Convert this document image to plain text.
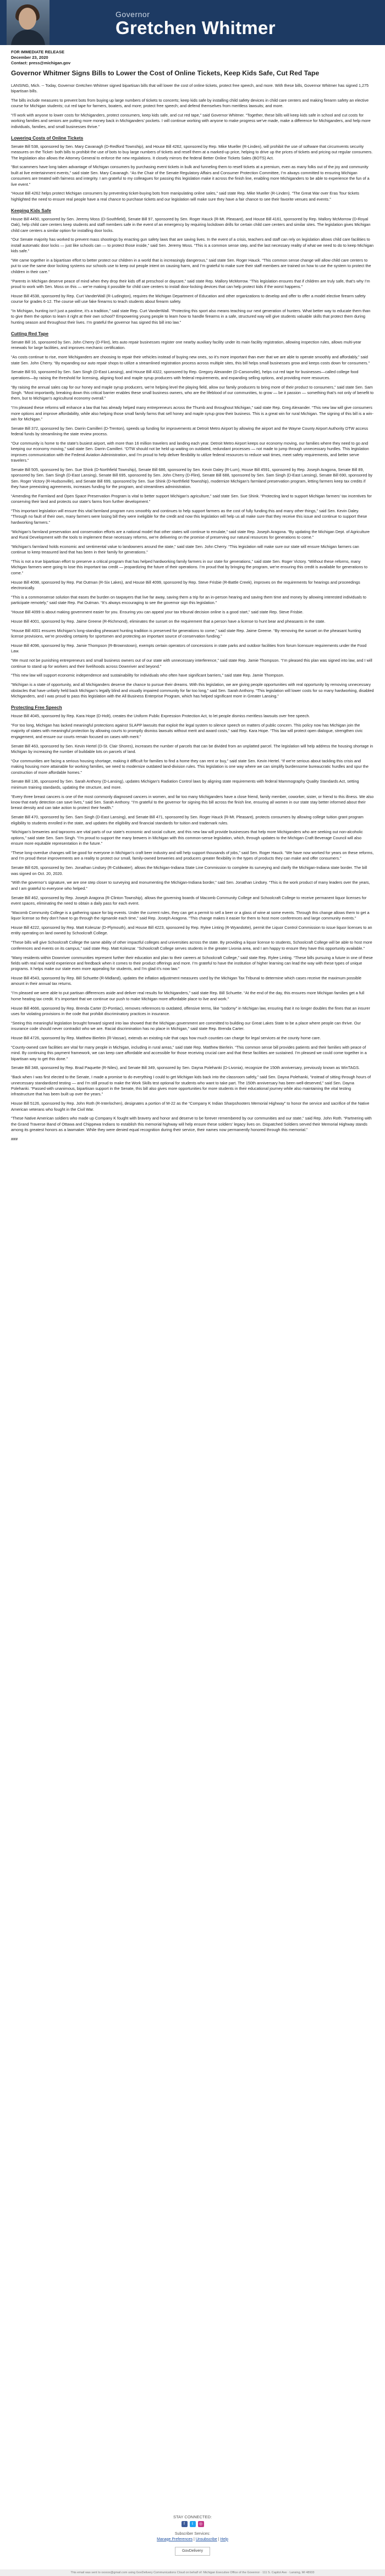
Governor
Gretchen Whitmer
FOR IMMEDIATE RELEASE
December 23, 2020
Contact: press@michigan.gov
Governor Whitmer Signs Bills to Lower the Cost of Online Tickets, Keep Kids Safe, Cut Red Tape

LANSING, Mich. -- Today, Governor Gretchen Whitmer signed bipartisan bills that will lower the cost of online tickets, protect free speech, and more. With these bills, Governor Whitmer has signed 1,275 bipartisan bills.

The bills include measures to prevent bots from buying up large numbers of tickets to concerts; keep kids safe by installing child safety devices in child care centers and making firearm safety an elective course for Michigan students; cut red tape for farmers, boaters, and more; protect free speech; and defend themselves from meritless lawsuits; and more.

“I'll work with anyone to lower costs for Michiganders, protect consumers, keep kids safe, and cut red tape,” said Governor Whitmer. “Together, these bills will keep kids safe in school and cut costs for working families and seniors are putting more money back in Michiganders’ pockets. I will continue working with anyone to make progress we’ve made, make a difference for Michiganders, and help more individuals, families, and small businesses thrive.”

Lowering Costs of Online Tickets

Senate Bill 538, sponsored by Sen. Mary Cavanagh (D-Redford Township), and House Bill 4262, sponsored by Rep. Mike Mueller (R-Linden), will prohibit the use of software that circumvents security measures on the Ticket- both bills to prohibit the use of bots to buy large numbers of tickets and resell them at a marked-up price, helping to drive up the prices of tickets and pricing out regular consumers. The legislation also allows the Attorney General to enforce the new regulations. It closely mirrors the federal Better Online Tickets Sales (BOTS) Act.

“Bot scammers have long taken advantage of Michigan consumers by purchasing event tickets in bulk and funneling them to resell tickets at a premium, even as many folks out of the joy and community built at live entertainment events,” said state Sen. Mary Cavanagh. “As the Chair of the Senate Regulatory Affairs and Consumer Protection Committee, I’m always committed to ensuring Michigan consumers are treated with fairness and integrity. I am grateful to my colleagues for passing this legislation make it across the finish line, enabling more Michiganders to be able to experience the fun of a live event.”

“House Bill 4262 helps protect Michigan consumers by preventing ticket-buying bots from manipulating online sales,” said state Rep. Mike Mueller (R-Linden). “The Great War over Eras Tour tickets highlighted the need to ensure real people have a real chance to purchase tickets and our legislation will make sure they have a fair chance to see their favorite venues and events.”

Keeping Kids Safe

House Bill 4450, sponsored by Sen. Jeremy Moss (D-Southfield), Senate Bill 97, sponsored by Sen. Roger Hauck (R-Mt. Pleasant), and House Bill 4161, sponsored by Rep. Mallory McMorrow (D-Royal Oak), help child care centers keep students and staff members safe in the event of an emergency by requiring lockdown drills for certain child care centers and similar sites. The legislation gives Michigan child care centers a similar option for installing door locks.

“Our Senate majority has worked to prevent mass shootings by enacting gun safety laws that are saving lives. In the event of a crisis, teachers and staff can rely on legislation allows child care facilities to install automatic door locks — just like schools can — to protect those inside,” said Sen. Jeremy Moss. “This is a common sense step, and the last necessary reality of what we need to do to keep Michigan kids safe.”

“We came together in a bipartisan effort to better protect our children in a world that is increasingly dangerous,” said state Sen. Roger Hauck. “This common sense change will allow child care centers to put to use the same door locking systems our schools use to keep out people intent on causing harm, and I’m grateful to make sure their staff members are trained on how to use the system to protect the children in their care.”

“Parents in Michigan deserve peace of mind when they drop their kids off at preschool or daycare,” said state Rep. Mallory McMorrow. “This legislation ensures that if children are truly safe, that’s why I’m proud to work with Sen. Moss on this — we’re making it possible for child care centers to install door-locking devices that can help protect kids if the worst happens.”

House Bill 4538, sponsored by Rep. Curt VanderWall (R-Ludington), requires the Michigan Department of Education and other organizations to develop and offer to offer a model elective firearm safety course for grades 6-12. The course will use fake firearms to teach students about firearm safety.

“In Michigan, hunting isn’t just a pastime, it’s a tradition,” said state Rep. Curt VanderWall. “Protecting this sport also means teaching our next generation of hunters. What better way to educate them than to give them the option to learn it right at their own school? Empowering young people to learn how to handle firearms in a safe, structured way will give students valuable skills that protect them during hunting season and throughout their lives. I’m grateful the governor has signed this bill into law.”

Cutting Red Tape

Senate Bill 16, sponsored by Sen. John Cherry (D-Flint), lets auto repair businesses register one nearby auxiliary facility under its main facility registration, allowing inspection rules, allows multi-year renewals for large facilities, and improves mechanic certification.

“As costs continue to rise, more Michiganders are choosing to repair their vehicles instead of buying new ones, so it’s more important than ever that we are able to operate smoothly and affordably,” said state Sen. John Cherry. “By expanding our auto repair shops to utilize a streamlined registration process across multiple sites, this bill helps small businesses grow and keeps costs down for consumers.”

Senate Bill 93, sponsored by Sen. Sam Singh (D-East Lansing), and House Bill 4322, sponsored by Rep. Gregory Alexander (D-Carsonville), helps cut red tape for businesses—called college food operations—by raising the threshold for licensing, aligning food and maple syrup producers with federal requirements, and expanding selling options, and providing more resources.

“By raising the annual sales cap for our honey and maple syrup producers, we’re helping level the playing field, allow our family producers to bring more of their product to consumers,” said state Sen. Sam Singh. “Most importantly, breaking down this critical barrier enables these small business owners, who are the lifeblood of our communities, to grow — be it passion — something that’s not only of benefit to them, but to Michigan’s agricultural economy overall.”

“I’m pleased these reforms will enhance a law that has already helped many entrepreneurs across the Thumb and throughout Michigan,” said state Rep. Greg Alexander. “This new law will give consumers more options and improve affordability, while also helping those small family farms that sell honey and maple syrup grow their business. This is a great win for rural Michigan. The signing of this bill is a win-win for Michigan.”

Senate Bill 372, sponsored by Sen. Darrin Camilleri (D-Trenton), speeds up funding for improvements at Detroit Metro Airport by allowing the airport and the Wayne County Airport Authority DTW access federal funds by streamlining the state review process.

“Our community is home to the state’s busiest airport, with more than 16 million travelers and landing each year. Detroit Metro Airport keeps our economy moving, our families where they need to go and keeping our economy moving,” said state Sen. Darrin Camilleri. “DTW should not be held up waiting on outdated, redundant processes — not made to jump through unnecessary hurdles. This legislation improves communication with the Federal Aviation Administration, and I’m proud to help deliver flexibility to utilize federal resources to reduce wait times, meet safety requirements, and better serve travelers.”

Senate Bill 505, sponsored by Sen. Sue Shink (D-Northfield Township), Senate Bill 686, sponsored by Sen. Kevin Daley (R-Lum), House Bill 4591, sponsored by Rep. Joseph Aragona, Senate Bill 89, sponsored by Sen. Sam Singh (D-East Lansing), Senate Bill 695, sponsored by Sen. John Cherry (D-Flint), Senate Bill 688, sponsored by Sen. Sam Singh (D-East Lansing), Senate Bill 690, sponsored by Sen. Roger Victory (R-Hudsonville), and Senate Bill 699, sponsored by Sen. Sue Shink (D-Northfield Township), modernize Michigan’s farmland preservation program, letting farmers keep tax credits if they have preexisting agreements, increases funding for the program, and streamlines administration.

“Amending the Farmland and Open Space Preservation Program is vital to better support Michigan’s agriculture,” said state Sen. Sue Shink. “Protecting land to support Michigan farmers’ tax incentives for conserving their land and protects our state’s farms from further development.”

“This important legislation will ensure this vital farmland program runs smoothly and continues to help support farmers as the cost of fully funding this and many other things,” said Sen. Kevin Daley. “Through no fault of their own, many farmers were losing bill they were ineligible for the credit and now this legislation will help us all make sure that they receive this issue and continue to support these hardworking farmers.”

“Michigan’s farmland preservation and conservation efforts are a national model that other states will continue to emulate,” said state Rep. Joseph Aragona. “By updating the Michigan Dept. of Agriculture and Rural Development with the tools to implement these necessary reforms, we’re delivering on the promise of preserving our natural resources for generations to come.”

“Michigan’s farmland holds economic and sentimental value to landowners around the state,” said state Sen. John Cherry. “This legislation will make sure our state will ensure Michigan farmers can continue to keep treasured land that has been in their family for generations.”

“This is not a true bipartisan effort to preserve a critical program that has helped hardworking family farmers in our state for generations,” said state Sen. Roger Victory. “Without these reforms, many Michigan farmers were going to lose this important tax credit — jeopardizing the future of their operations. I’m proud that by bringing the program, we’re ensuring this credit is available for generations to come.”

House Bill 4098, sponsored by Rep. Pat Outman (R-Six Lakes), and House Bill 4099, sponsored by Rep. Steve Frisbie (R-Battle Creek), improves on the requirements for hearings and proceedings electronically.

“This is a commonsense solution that eases the burden on taxpayers that live far away, saving them a trip for an in-person hearing and saving them time and money by allowing interested individuals to participate remotely,” said state Rep. Pat Outman. “It’s always encouraging to see the governor sign this legislation.”

“House Bill 4099 is about making government easier for you. Ensuring you can appeal your tax tribunal decision online is a good start,” said state Rep. Steve Frisbie.

House Bill 4001, sponsored by Rep. Jaime Greene (R-Richmond), eliminates the sunset on the requirement that a person have a license to hunt bear and pheasants in the state.

“House Bill 4001 ensures Michigan’s long-standing pheasant hunting tradition is preserved for generations to come,” said state Rep. Jaime Greene. “By removing the sunset on the pheasant hunting license provisions, we’re providing certainty for sportsmen and protecting an important source of conservation funding.”

House Bill 4096, sponsored by Rep. Jamie Thompson (R-Brownstown), exempts certain operators of concessions in state parks and outdoor facilities from forum licensure requirements under the Food Law.

“We must not be punishing entrepreneurs and small business owners out of our state with unnecessary interference,” said state Rep. Jamie Thompson. “I’m pleased this plan was signed into law, and I will continue to stand up for workers and their livelihoods across Downriver and beyond.”

“This new law will support economic independence and sustainability for individuals who often have significant barriers,” said state Rep. Jamie Thompson.

“Michigan is a state of opportunity, and all Michiganders deserve the chance to pursue their dreams. With this legislation, we are giving people opportunities with real opportunity by removing unnecessary obstacles that have unfairly held back Michigan’s legally blind and visually impaired community for far too long,” said Sen. Sarah Anthony. “This legislation will lower costs for so many hardworking, disabled Michiganders, and I was proud to pass this legislation with the All Business Enterprise Program, which has helped significant more in Greater Lansing.”

Protecting Free Speech

House Bill 4045, sponsored by Rep. Kara Hope (D-Holt), creates the Uniform Public Expression Protection Act, to let people dismiss meritless lawsuits over free speech.

“For too long, Michigan has lacked meaningful protections against SLAPP lawsuits that exploit the legal system to silence speech on matters of public concern. This policy now has Michigan join the majority of states with meaningful protection by allowing courts to promptly dismiss lawsuits without merit and award costs,” said Rep. Kara Hope. “This law will protect open dialogue, strengthen civic engagement, and ensure our courts remain focused on cases with merit.”

Senate Bill 463, sponsored by Sen. Kevin Hertel (D-St. Clair Shores), increases the number of parcels that can be divided from an unplatted parcel. The legislation will help address the housing shortage in Michigan by increasing the number of buildable lots on parcels of land.

“Our communities are facing a serious housing shortage, making it difficult for families to find a home they can rent or buy,” said state Sen. Kevin Hertel. “If we’re serious about tackling this crisis and making housing more attainable for working families, we need to modernize outdated land-division rules. This legislation is one way where we can simplify burdensome bureaucratic hurdles and spur the construction of more affordable homes.”

Senate Bill 136, sponsored by Sen. Sarah Anthony (D-Lansing), updates Michigan’s Radiation Control laws by aligning state requirements with federal Mammography Quality Standards Act, setting minimum training standards, updating the structure, and more.

“Every three breast cancers is one of the most commonly diagnosed cancers in women, and far too many Michiganders have a close friend, family member, coworker, sister, or friend to this illness. We also know that early detection can save lives,” said Sen. Sarah Anthony. “I’m grateful to the governor for signing this bill across the finish line, ensuring all women in our state stay better informed about their breast density and can take action to protect their health.”

Senate Bill 470, sponsored by Sen. Sam Singh (D-East Lansing), and Senate Bill 471, sponsored by Sen. Roger Hauck (R-Mt. Pleasant), protects consumers by allowing college tuition grant program eligibility to students enrolled in the state, and updates the eligibility and financial standards for tuition and trademark rules.

“Michigan’s breweries and taprooms are vital parts of our state’s economic and social culture, and this new law will provide businesses that help more Michiganders who are seeking out non-alcoholic options,” said state Sen. Sam Singh. “I’m proud to support the many brewers in Michigan with this common-sense legislation, which, through updates to the Michigan Craft Beverage Council will also ensure more equitable representation in the future.”

“These long-overdue changes will be good for everyone in Michigan’s craft beer industry and will help support thousands of jobs,” said Sen. Roger Hauck. “We have now worked for years on these reforms, and I’m proud these improvements are a reality to protect our small, family-owned breweries and producers greater flexibility in the types of products they can make and offer consumers.”

Senate Bill 626, sponsored by Sen. Jonathan Lindsey (R-Coldwater), allows the Michigan-Indiana State Line Commission to complete its surveying and clarify the Michigan-Indiana state border. The bill was signed on Oct. 20, 2020.

“With the governor’s signature, we are one step closer to surveying and monumenting the Michigan-Indiana border,” said Sen. Jonathan Lindsey. “This is the work product of many leaders over the years, and I am grateful to everyone who helped.”

Senate Bill 462, sponsored by Rep. Joseph Aragona (R-Clinton Township), allows the governing boards of Macomb Community College and Schoolcraft College to receive permanent liquor licenses for event spaces, eliminating the need to obtain a daily pass for each event.

“Macomb Community College is a gathering space for big events. Under the current rules, they can get a permit to sell a beer or a glass of wine at some events. Through this change allows them to get a liquor license so they don’t have to go through the rigmarole each time,” said Rep. Joseph Aragona. “This change makes it easier for them to host more conferences and large community events.”

House Bill 4222, sponsored by Rep. Matt Koleszar (D-Plymouth), and House Bill 4223, sponsored by Rep. Rylee Linting (R-Wyandotte), permit the Liquor Control Commission to issue liquor licenses to an entity operating on land owned by Schoolcraft College.

“These bills will give Schoolcraft College the same ability of other impactful colleges and universities across the state. By providing a liquor license to students, Schoolcraft College will be able to host more conferences and events on its campus,” said state Rep. Matt Koleszar. “Schoolcraft College serves students in the greater Livonia area, and I am happy to ensure they have this opportunity available.”

“Many residents within Downriver communities represent further their education and plan to their careers at Schoolcraft College,” said state Rep. Rylee Linting. “These bills pursuing a future in one of these fields with real real world experience and feedback when it comes to their product offerings and more. I’m grateful to have the institution of higher learning can lead the way with these types of unique programs. It helps make our state even more appealing for students, and I’m glad it’s now law.”

House Bill 4543, sponsored by Rep. Bill Schuette (R-Midland), updates the inflation adjustment measures used by the Michigan Tax Tribunal to determine which cases receive the maximum possible amount in their annual tax returns.

“I’m pleased we were able to put partisan differences aside and deliver real results for Michiganders,” said state Rep. Bill Schuette. “At the end of the day, this ensures more Michigan families get a full home heating tax credit. It’s important that we continue our push to make Michigan more affordable place to live and work.”

House Bill 4666, sponsored by Rep. Brenda Carter (D-Pontiac), removes references to outdated, offensive terms, like “sodomy” in Michigan law, ensuring that it no longer doubles the fines that an insurer uses for violating provisions in the code that prohibit discriminatory practices in insurance.

“Seeing this meaningful legislation brought forward signed into law showed that the Michigan government are committed to building our Great Lakes State to be a place where people can thrive. Our insurance code should never contradict who we are. Racial discrimination has no place in Michigan,” said state Rep. Brenda Carter.

House Bill 4726, sponsored by Rep. Matthew Bierlein (R-Vassar), extends an existing rule that caps how much counties can charge for legal services at the county home care.

“County-owned care facilities are vital for many people in Michigan, including in rural areas,” said state Rep. Matthew Bierlein. “This common sense bill provides patients and their families with peace of mind. By continuing this payment framework, we can keep care affordable and accessible for those receiving crucial care and that these facilities are sustained. I’m pleased we could come together in a bipartisan way to get this done.”

Senate Bill 348, sponsored by Rep. Brad Paquette (R-Niles), and Senate Bill 349, sponsored by Sen. Dayna Polehanki (D-Livonia), recognize the 150th anniversary, previously known as WinTAGS.

“Back when I was first elected to the Senate, I made a promise to do everything I could to get Michigan kids back into the classroom safely,” said Sen. Dayna Polehanki, “instead of sitting through hours of unnecessary standardized testing — and I’m still proud to make the Work Skills test optional for students who want to take part. The 150th anniversary has been well-deserved,” said Sen. Dayna Polehanki. “Passed with unanimous, bipartisan support in the Senate, this bill also gives more opportunities for more students in their educational journey while also maintaining the vital testing infrastructure that has been built up over the years.”

House Bill 5126, sponsored by Rep. John Roth (R-Interlochen), designates a portion of M-22 as the “Company K Indian Sharpshooters Memorial Highway” to honor the service and sacrifice of the Native American veterans who fought in the Civil War.

“These Native American soldiers who made up Company K fought with bravery and honor and deserve to be forever remembered by our communities and our state,” said Rep. John Roth. “Partnering with the Grand Traverse Band of Ottawa and Chippewa Indians to establish this memorial highway will help ensure these soldiers’ legacy lives on. Dispatched Soldiers served their Memorial Highway stands among its greatest honors as a lawmaker. While they were denied equal recognition during their service, their names now permanently honored through this memorial.”

###

STAY CONNECTED:
f	t	◎
Subscriber Services:
Manage Preferences | Unsubscribe | Help
GovDelivery
This email was sent to xxxxxx@gmail.com using GovDelivery Communications Cloud on behalf of: Michigan Executive Office of the Governor · 111 S. Capitol Ave · Lansing, MI 48933
